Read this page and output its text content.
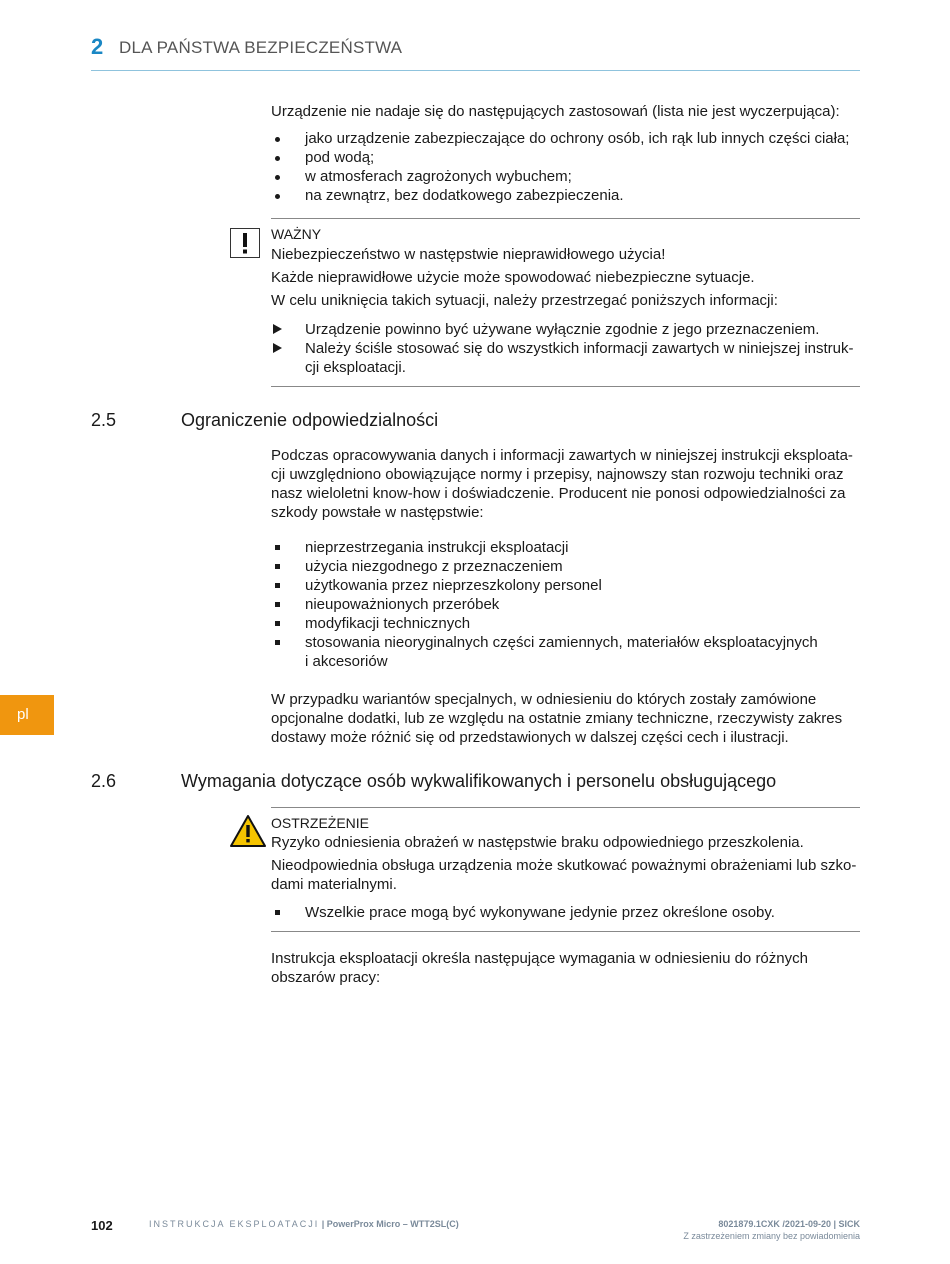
2 DLA PAŃSTWA BEZPIECZEŃSTWA
Urządzenie nie nadaje się do następujących zastosowań (lista nie jest wyczerpująca):
jako urządzenie zabezpieczające do ochrony osób, ich rąk lub innych części ciała;
pod wodą;
w atmosferach zagrożonych wybuchem;
na zewnątrz, bez dodatkowego zabezpieczenia.
WAŻNY
Niebezpieczeństwo w następstwie nieprawidłowego użycia!
Każde nieprawidłowe użycie może spowodować niebezpieczne sytuacje.
W celu uniknięcia takich sytuacji, należy przestrzegać poniższych informacji:
Urządzenie powinno być używane wyłącznie zgodnie z jego przeznaczeniem.
Należy ściśle stosować się do wszystkich informacji zawartych w niniejszej instruk-
cji eksploatacji.
2.5	Ograniczenie odpowiedzialności
Podczas opracowywania danych i informacji zawartych w niniejszej instrukcji eksploata-
cji uwzględniono obowiązujące normy i przepisy, najnowszy stan rozwoju techniki oraz
nasz wieloletni know-how i doświadczenie. Producent nie ponosi odpowiedzialności za
szkody powstałe w następstwie:
nieprzestrzegania instrukcji eksploatacji
użycia niezgodnego z przeznaczeniem
użytkowania przez nieprzeszkolony personel
nieupoważnionych przeróbek
modyfikacji technicznych
stosowania nieoryginalnych części zamiennych, materiałów eksploatacyjnych
i akcesoriów
W przypadku wariantów specjalnych, w odniesieniu do których zostały zamówione
opcjonalne dodatki, lub ze względu na ostatnie zmiany techniczne, rzeczywisty zakres
dostawy może różnić się od przedstawionych w dalszej części cech i ilustracji.
pl
2.6	Wymagania dotyczące osób wykwalifikowanych i personelu obsługującego
OSTRZEŻENIE
Ryzyko odniesienia obrażeń w następstwie braku odpowiedniego przeszkolenia.
Nieodpowiednia obsługa urządzenia może skutkować poważnymi obrażeniami lub szko-
dami materialnymi.
Wszelkie prace mogą być wykonywane jedynie przez określone osoby.
Instrukcja eksploatacji określa następujące wymagania w odniesieniu do różnych
obszarów pracy:
102	INSTRUKCJA EKSPLOATACJI | PowerProx Micro – WTT2SL(C)	8021879.1CXK /2021-09-20 | SICK
Z zastrzeżeniem zmiany bez powiadomienia
